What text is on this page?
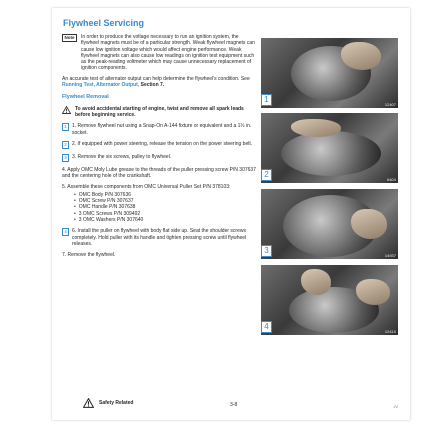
Flywheel Servicing
Note	In order to produce the voltage necessary to run an ignition system, the flywheel magnets must be of a particular strength. Weak flywheel magnets can cause low ignition voltage which would affect engine performance. Weak flywheel magnets can also cause low readings on ignition test equipment such as the peak-reading voltmeter which may cause unnecessary replacement of ignition components.
An accurate test of alternator output can help determine the flywheel's condition. See Running Test, Alternator Output, Section 7.
Flywheel Removal
To avoid accidental starting of engine, twist and remove all spark leads before beginning service.
1	1. Remove flywheel nut using a Snap-On A-144 fixture or equivalent and a 1½ in. socket.
2	2. If equipped with power steering, release the tension on the power steering belt.
3	3. Remove the six screws, pulley to flywheel.
4. Apply OMC Moly Lube grease to the threads of the puller pressing screw P/N 307637 and the centering hole of the crankshaft.
5. Assemble these components from OMC Universal Puller Set P/N 378103:
• OMC Body P/N 307636
• OMC Screw P/N 307637
• OMC Handle P/N 307638
• 3 OMC Screws P/N 309492
• 3 OMC Washers P/N 307640
4	6. Install the puller on flywheel with body flat side up. Seat the shoulder screws completely. Hold puller with its handle and tighten pressing screw until flywheel releases.
7. Remove the flywheel.
1
12407
2
6404
3
14937
4
12410
Safety Related	3-8	JV
